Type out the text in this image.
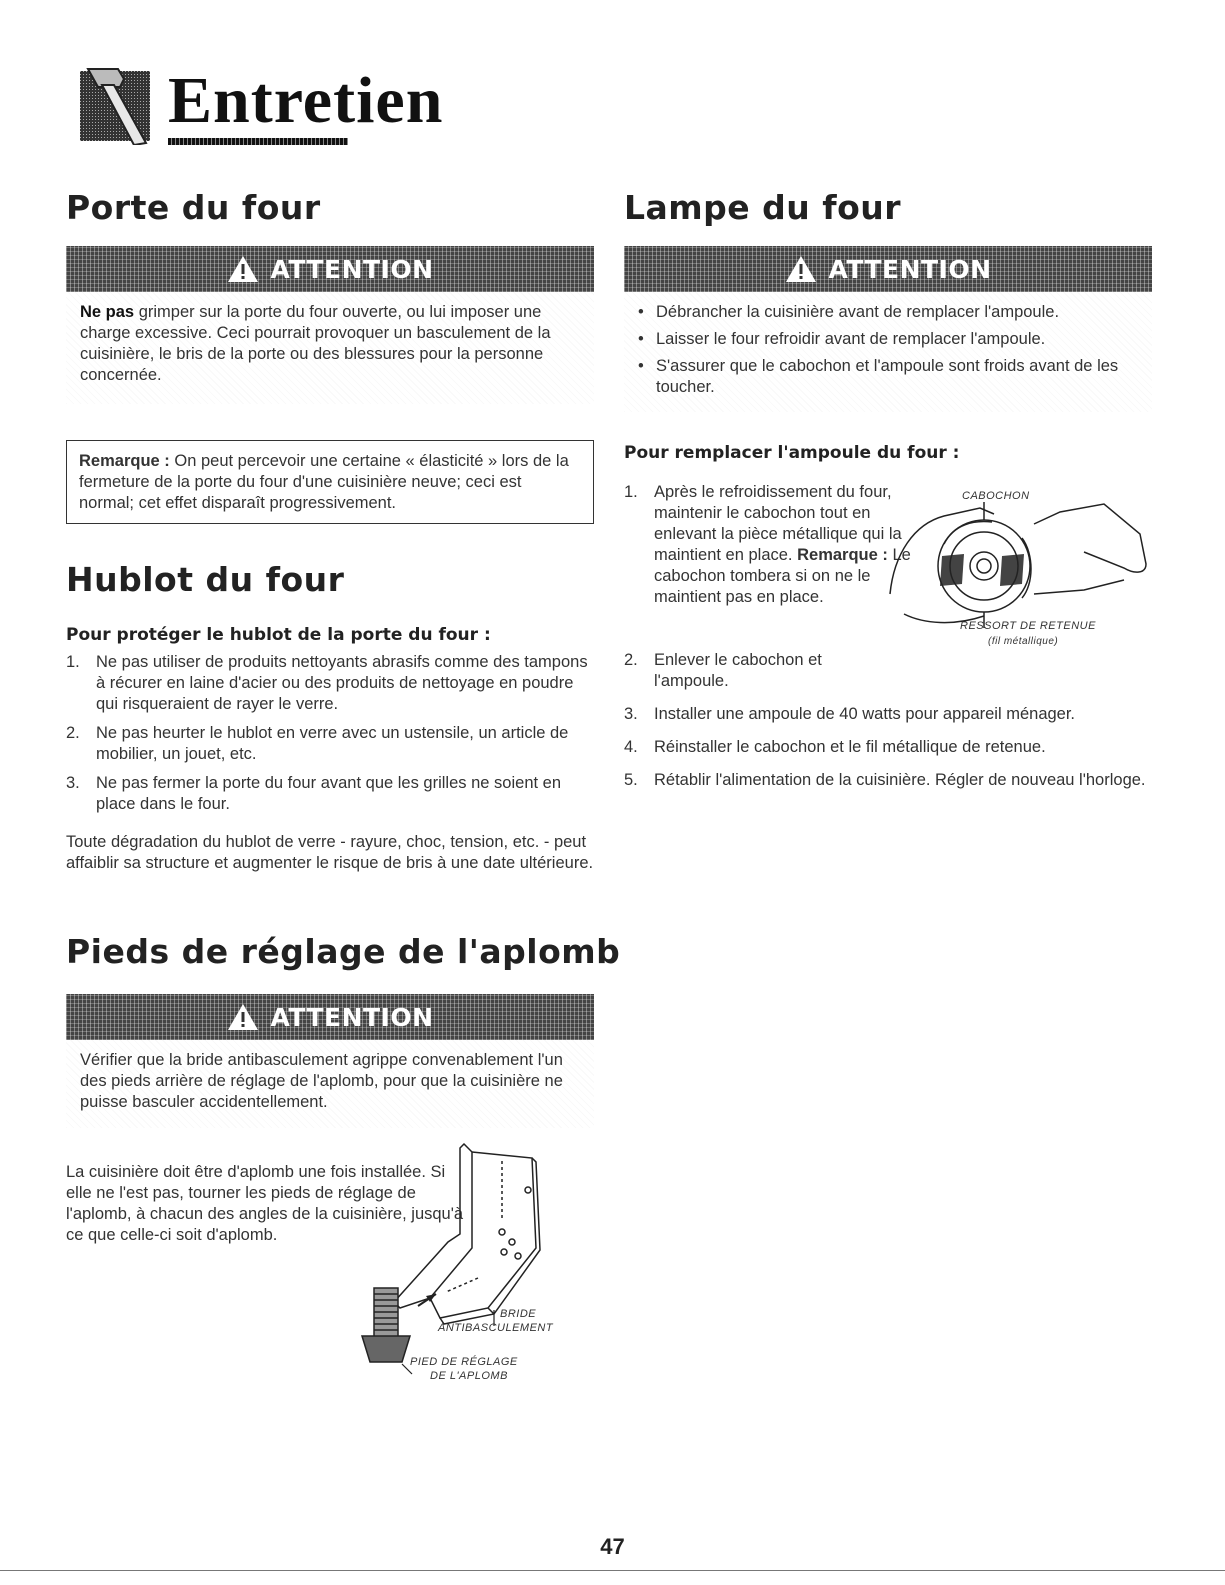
Entretien
Porte du four
ATTENTION
Ne pas grimper sur la porte du four ouverte, ou lui imposer une charge excessive. Ceci pourrait provoquer un basculement de la cuisinière, le bris de la porte ou des blessures pour la personne concernée.
Remarque : On peut percevoir une certaine « élasticité » lors de la fermeture de la porte du four d'une cuisinière neuve; ceci est normal; cet effet disparaît progressivement.
Hublot du four
Pour protéger le hublot de la porte du four :
1. Ne pas utiliser de produits nettoyants abrasifs comme des tampons à récurer en laine d'acier ou des produits de nettoyage en poudre qui risqueraient de rayer le verre.
2. Ne pas heurter le hublot en verre avec un ustensile, un article de mobilier, un jouet, etc.
3. Ne pas fermer la porte du four avant que les grilles ne soient en place dans le four.
Toute dégradation du hublot de verre - rayure, choc, tension, etc. - peut affaiblir sa structure et augmenter le risque de bris à une date ultérieure.
Pieds de réglage de l'aplomb
ATTENTION
Vérifier que la bride antibasculement agrippe convenablement l'un des pieds arrière de réglage de l'aplomb, pour que la cuisinière ne puisse basculer accidentellement.
La cuisinière doit être d'aplomb une fois installée. Si elle ne l'est pas, tourner les pieds de réglage de l'aplomb, à chacun des angles de la cuisinière, jusqu'à ce que celle-ci soit d'aplomb.
BRIDE
ANTIBASCULEMENT
PIED DE RÉGLAGE
DE L'APLOMB
Lampe du four
ATTENTION
• Débrancher la cuisinière avant de remplacer l'ampoule.
• Laisser le four refroidir avant de remplacer l'ampoule.
• S'assurer que le cabochon et l'ampoule sont froids avant de les toucher.
Pour remplacer l'ampoule du four :
1. Après le refroidissement du four, maintenir le cabochon tout en enlevant la pièce métallique qui la maintient en place. Remarque : Le cabochon tombera si on ne le maintient pas en place.
CABOCHON
RESSORT DE RETENUE
(fil métallique)
2. Enlever le cabochon et l'ampoule.
3. Installer une ampoule de 40 watts pour appareil ménager.
4. Réinstaller le cabochon et le fil métallique de retenue.
5. Rétablir l'alimentation de la cuisinière. Régler de nouveau l'horloge.
47
